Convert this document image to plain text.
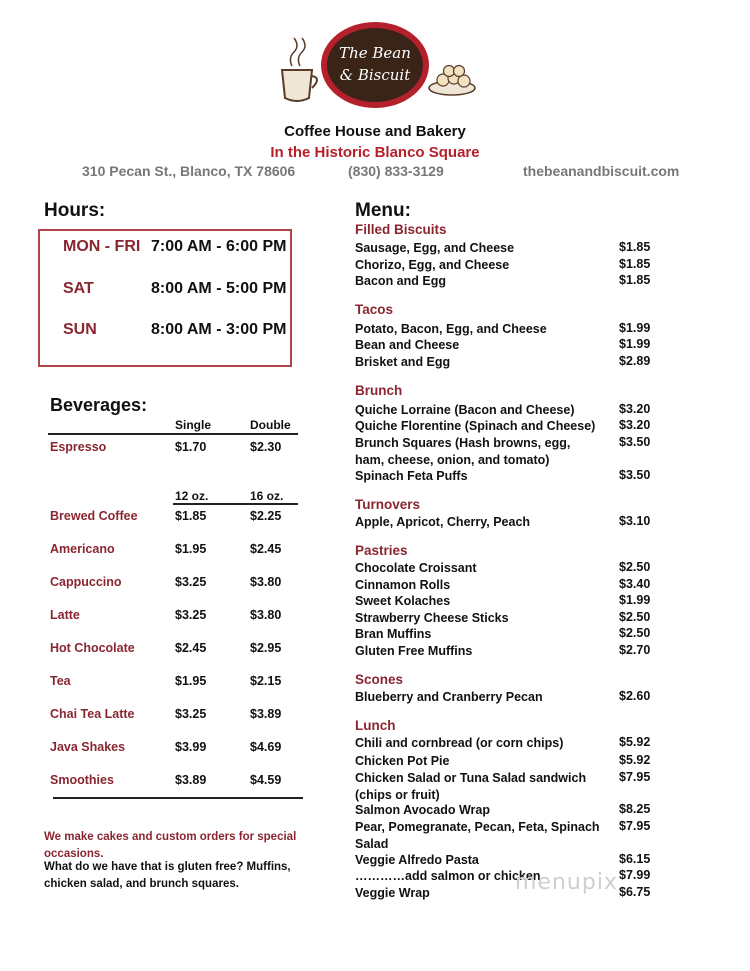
The Bean
& Biscuit
Coffee House and Bakery
In the Historic Blanco Square
310 Pecan St., Blanco, TX 78606	(830) 833-3129	thebeanandbiscuit.com
Hours:
MON - FRI 7:00 AM - 6:00 PM
SAT	8:00 AM - 5:00 PM
SUN	8:00 AM - 3:00 PM
Beverages:
Single	Double
Espresso	$1.70	$2.30
12 oz.	16 oz.
Brewed Coffee	$1.85	$2.25
Americano	$1.95	$2.45
Cappuccino	$3.25	$3.80
Latte	$3.25	$3.80
Hot Chocolate	$2.45	$2.95
Tea	$1.95	$2.15
Chai Tea Latte	$3.25	$3.89
Java Shakes	$3.99	$4.69
Smoothies	$3.89	$4.59
We make cakes and custom orders for special occasions.
What do we have that is gluten free? Muffins, chicken salad, and brunch squares.
Menu:
Filled Biscuits
Sausage, Egg, and Cheese	$1.85
Chorizo, Egg, and Cheese	$1.85
Bacon and Egg	$1.85
Tacos
Potato, Bacon, Egg, and Cheese	$1.99
Bean and Cheese	$1.99
Brisket and Egg	$2.89
Brunch
Quiche Lorraine (Bacon and Cheese)	$3.20
Quiche Florentine (Spinach and Cheese)	$3.20
Brunch Squares (Hash browns, egg, ham, cheese, onion, and tomato)
$3.50
Spinach Feta Puffs	$3.50
Turnovers
Apple, Apricot, Cherry, Peach	$3.10
Pastries
Chocolate Croissant	$2.50
Cinnamon Rolls	$3.40
Sweet Kolaches	$1.99
Strawberry Cheese Sticks	$2.50
Bran Muffins	$2.50
Gluten Free Muffins	$2.70
Scones
Blueberry and Cranberry Pecan	$2.60
Lunch
Chili and cornbread (or corn chips)	$5.92
Chicken Pot Pie	$5.92
Chicken Salad or Tuna Salad sandwich (chips or fruit)
$7.95
Salmon Avocado Wrap	$8.25
Pear, Pomegranate, Pecan, Feta, Spinach Salad
$7.95
Veggie Alfredo Pasta	$6.15
…………add salmon or chicken	$7.99
Veggie Wrap	$6.75
menupix
